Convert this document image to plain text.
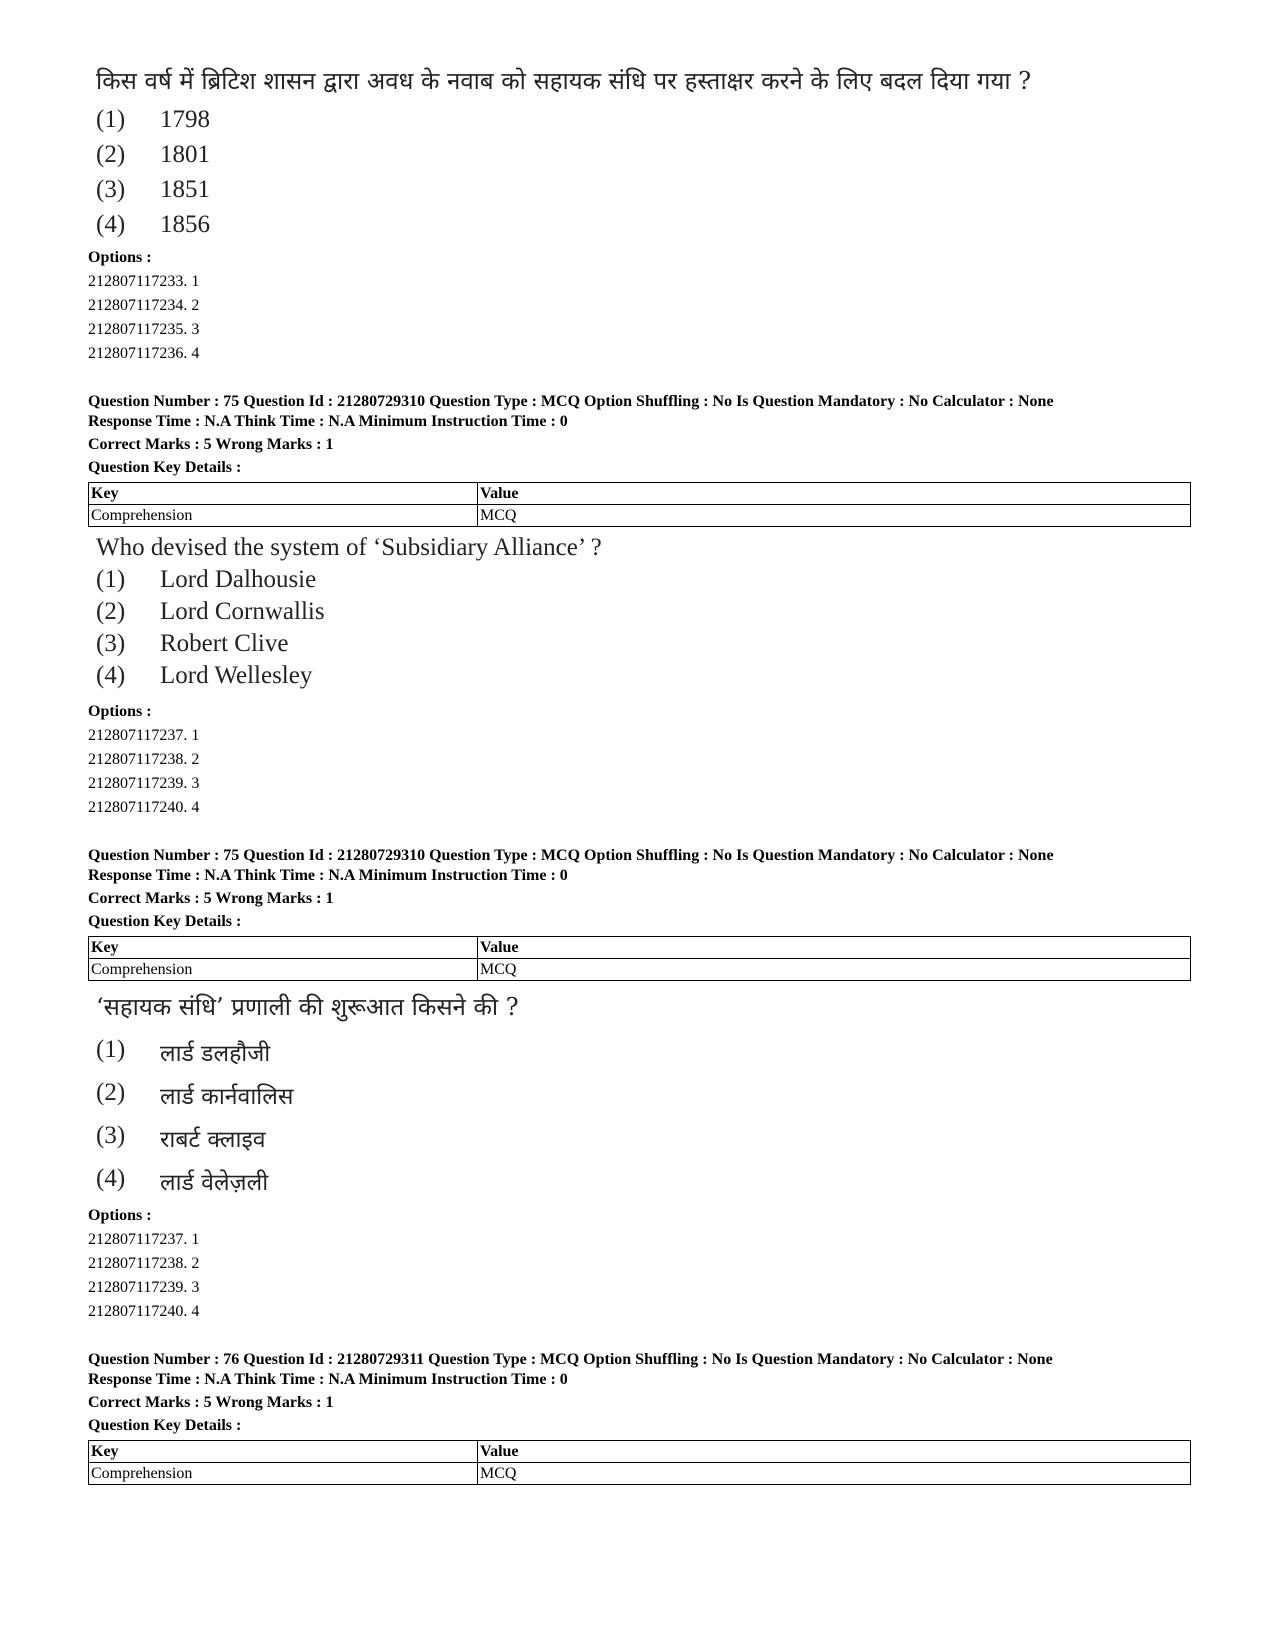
किस वर्ष में ब्रिटिश शासन द्वारा अवध के नवाब को सहायक संधि पर हस्ताक्षर करने के लिए बदल दिया गया ?
(1)	1798
(2)	1801
(3)	1851
(4)	1856
Options :
212807117233. 1
212807117234. 2
212807117235. 3
212807117236. 4
Question Number : 75 Question Id : 21280729310 Question Type : MCQ Option Shuffling : No Is Question Mandatory : No Calculator : None
Response Time : N.A Think Time : N.A Minimum Instruction Time : 0
Correct Marks : 5 Wrong Marks : 1
Question Key Details :
Key	Value
Comprehension	MCQ
Who devised the system of ‘Subsidiary Alliance’ ?
(1)	Lord Dalhousie
(2)	Lord Cornwallis
(3)	Robert Clive
(4)	Lord Wellesley
Options :
212807117237. 1
212807117238. 2
212807117239. 3
212807117240. 4
Question Number : 75 Question Id : 21280729310 Question Type : MCQ Option Shuffling : No Is Question Mandatory : No Calculator : None
Response Time : N.A Think Time : N.A Minimum Instruction Time : 0
Correct Marks : 5 Wrong Marks : 1
Question Key Details :
Key	Value
Comprehension	MCQ
‘सहायक संधि’ प्रणाली की शुरूआत किसने की ?
(1)	लार्ड डलहौजी
(2)	लार्ड कार्नवालिस
(3)	राबर्ट क्लाइव
(4)	लार्ड वेलेज़ली
Options :
212807117237. 1
212807117238. 2
212807117239. 3
212807117240. 4
Question Number : 76 Question Id : 21280729311 Question Type : MCQ Option Shuffling : No Is Question Mandatory : No Calculator : None
Response Time : N.A Think Time : N.A Minimum Instruction Time : 0
Correct Marks : 5 Wrong Marks : 1
Question Key Details :
Key	Value
Comprehension	MCQ
